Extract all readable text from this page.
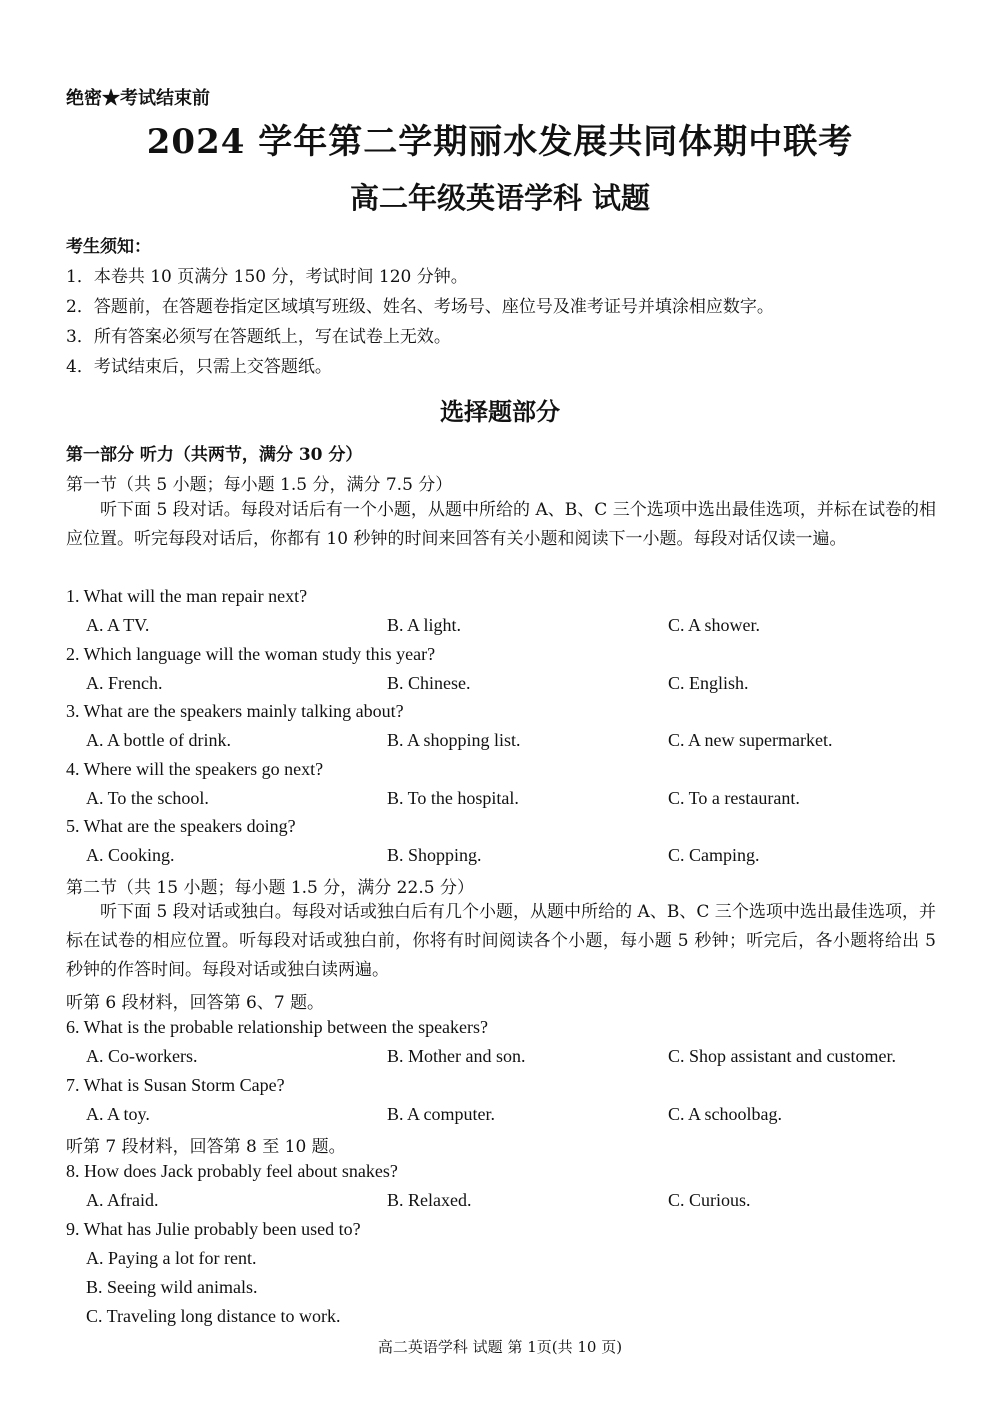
绝密★考试结束前
2024 学年第二学期丽水发展共同体期中联考
高二年级英语学科 试题
考生须知：
1．本卷共 10 页满分 150 分，考试时间 120 分钟。
2．答题前，在答题卷指定区域填写班级、姓名、考场号、座位号及准考证号并填涂相应数字。
3．所有答案必须写在答题纸上，写在试卷上无效。
4．考试结束后，只需上交答题纸。
选择题部分
第一部分 听力（共两节，满分 30 分）
第一节（共 5 小题；每小题 1.5 分，满分 7.5 分）
听下面 5 段对话。每段对话后有一个小题，从题中所给的 A、B、C 三个选项中选出最佳选项，并标在试卷的相应位置。听完每段对话后，你都有 10 秒钟的时间来回答有关小题和阅读下一小题。每段对话仅读一遍。
1. What will the man repair next?
A. A TV.	B. A light.	C. A shower.
2. Which language will the woman study this year?
A. French.	B. Chinese.	C. English.
3. What are the speakers mainly talking about?
A. A bottle of drink.	B. A shopping list.	C. A new supermarket.
4. Where will the speakers go next?
A. To the school.	B. To the hospital.	C. To a restaurant.
5. What are the speakers doing?
A. Cooking.	B. Shopping.	C. Camping.
第二节（共 15 小题；每小题 1.5 分，满分 22.5 分）
听下面 5 段对话或独白。每段对话或独白后有几个小题，从题中所给的 A、B、C 三个选项中选出最佳选项，并标在试卷的相应位置。听每段对话或独白前，你将有时间阅读各个小题，每小题 5 秒钟；听完后，各小题将给出 5 秒钟的作答时间。每段对话或独白读两遍。
听第 6 段材料，回答第 6、7 题。
6. What is the probable relationship between the speakers?
A. Co-workers.	B. Mother and son.	C. Shop assistant and customer.
7. What is Susan Storm Cape?
A. A toy.	B. A computer.	C. A schoolbag.
听第 7 段材料，回答第 8 至 10 题。
8. How does Jack probably feel about snakes?
A. Afraid.	B. Relaxed.	C. Curious.
9. What has Julie probably been used to?
A. Paying a lot for rent.
B. Seeing wild animals.
C. Traveling long distance to work.
高二英语学科 试题 第 1页(共 10 页)
